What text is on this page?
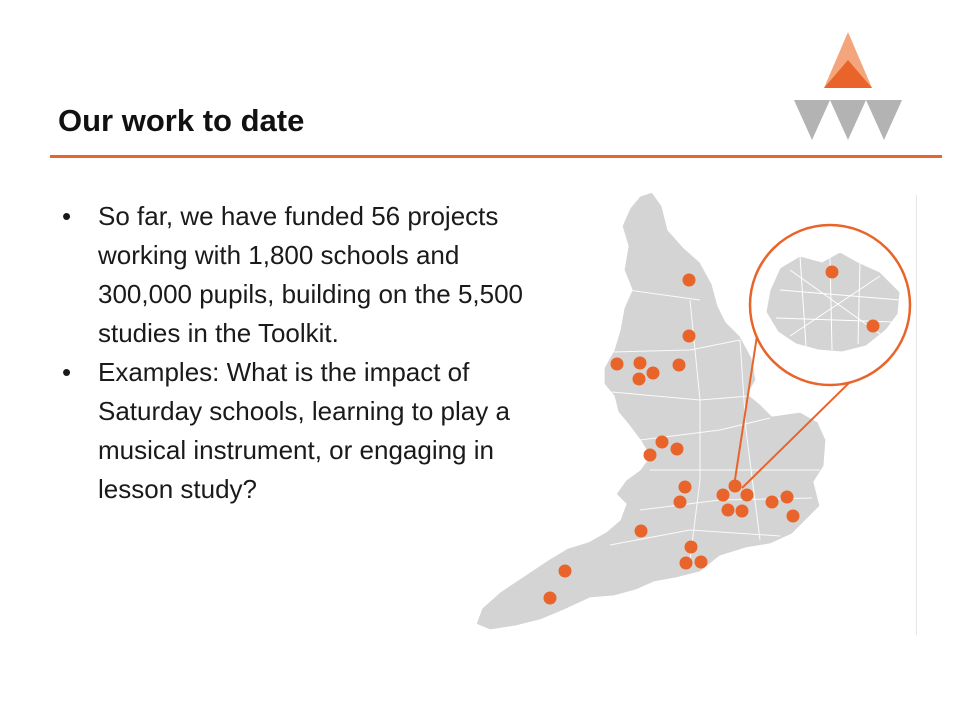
Our work to date
• So far, we have funded 56 projects working with 1,800 schools and 300,000 pupils, building on the 5,500 studies in the Toolkit.
• Examples: What is the impact of Saturday schools, learning to play a musical instrument, or engaging in lesson study?
